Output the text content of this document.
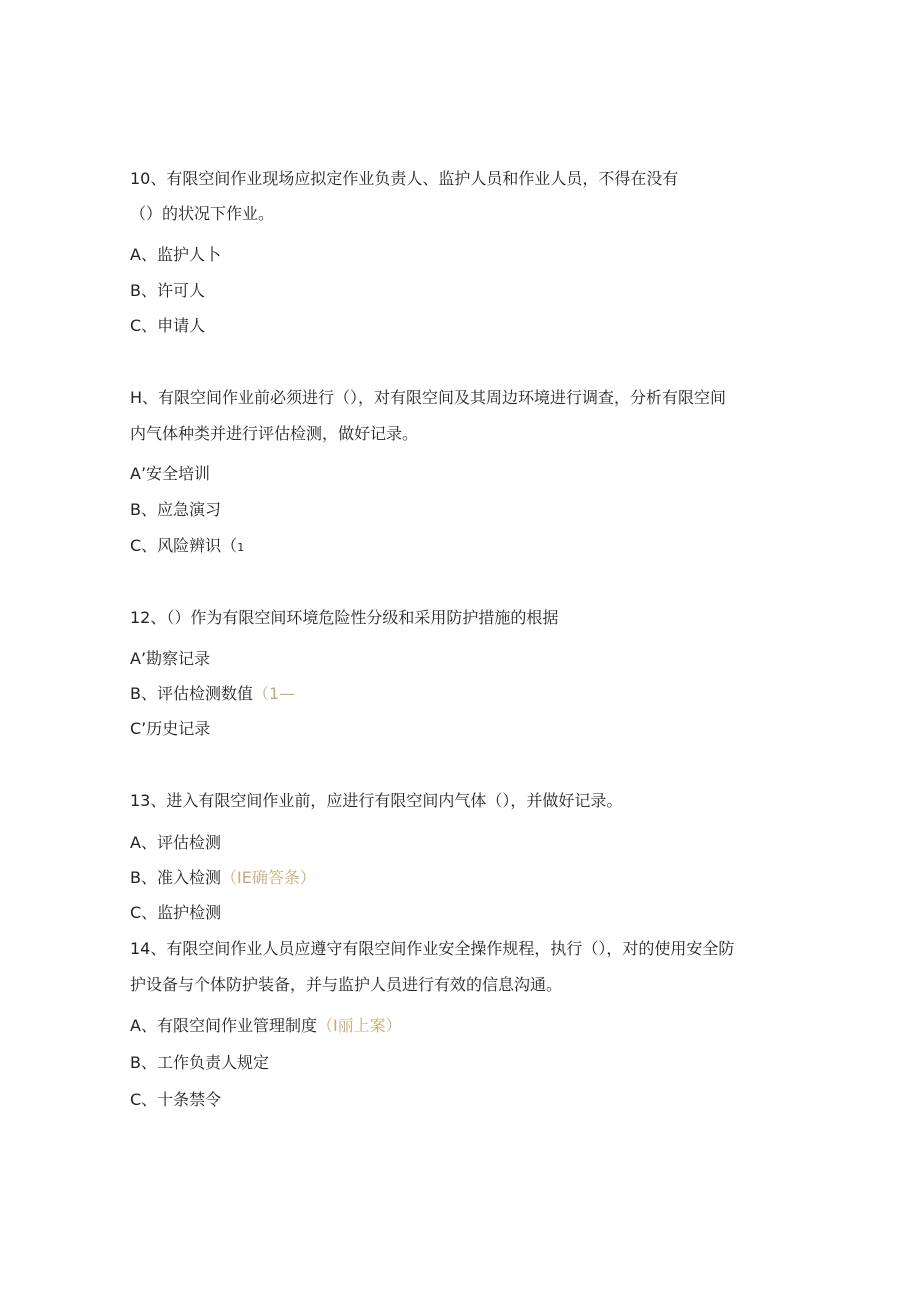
10、有限空间作业现场应拟定作业负责人、监护人员和作业人员，不得在没有
（）的状况下作业。
A、监护人卜
B、许可人
C、申请人
H、有限空间作业前必须进行（），对有限空间及其周边环境进行调查，分析有限空间
内气体种类并进行评估检测，做好记录。
A’安全培训
B、应急演习
C、风险辨识（1
12、（）作为有限空间环境危险性分级和采用防护措施的根据
A’勘察记录
B、评估检测数值（1—
C’历史记录
13、进入有限空间作业前，应进行有限空间内气体（），并做好记录。
A、评估检测
B、准入检测（IE确答条）
C、监护检测
14、有限空间作业人员应遵守有限空间作业安全操作规程，执行（），对的使用安全防
护设备与个体防护装备，并与监护人员进行有效的信息沟通。
A、有限空间作业管理制度（I丽上案）
B、工作负责人规定
C、十条禁令
